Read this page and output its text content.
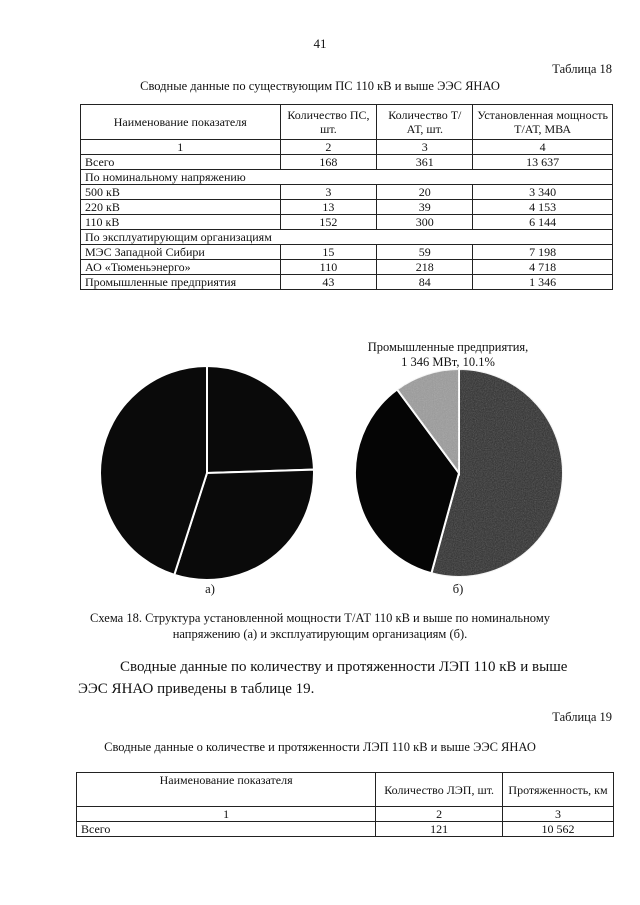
41
Таблица 18
Сводные данные по существующим ПС 110 кВ и выше ЭЭС ЯНАО
Наименование показателя	Количество ПС, шт.	Количество Т/АТ, шт.	Установленная мощность Т/АТ, МВА
1	2	3	4
Всего	168	361	13 637
По номинальному напряжению			
500 кВ	3	20	3 340
220 кВ	13	39	4 153
110 кВ	152	300	6 144
По эксплуатирующим организациям			
МЭС Западной Сибири	15	59	7 198
АО «Тюменьэнерго»	110	218	4 718
Промышленные предприятия	43	84	1 346
Промышленные предприятия,
1 346 МВт, 10.1%
а)	б)
Схема 18. Структура установленной мощности Т/АТ 110 кВ и выше по номинальному
напряжению (а) и эксплуатирующим организациям (б).
Сводные данные по количеству и протяженности ЛЭП 110 кВ и выше
ЭЭС ЯНАО приведены в таблице 19.
Таблица 19
Сводные данные о количестве и протяженности ЛЭП 110 кВ и выше ЭЭС ЯНАО
Наименование показателя	Количество ЛЭП, шт.	Протяженность, км
1	2	3
Всего	121	10 562
